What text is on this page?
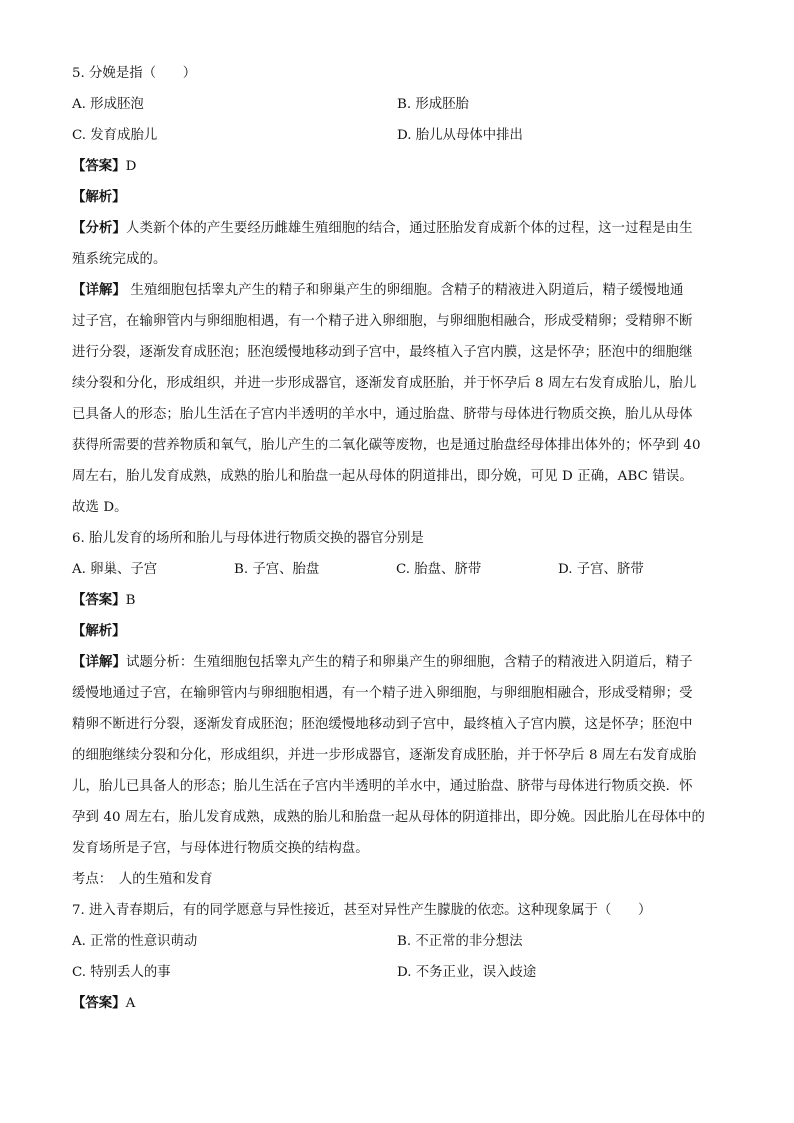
5. 分娩是指（　　）
A. 形成胚泡	B. 形成胚胎
C. 发育成胎儿	D. 胎儿从母体中排出
【答案】D
【解析】
【分析】人类新个体的产生要经历雌雄生殖细胞的结合，通过胚胎发育成新个体的过程，这一过程是由生
殖系统完成的。
【详解】 生殖细胞包括睾丸产生的精子和卵巢产生的卵细胞。含精子的精液进入阴道后，精子缓慢地通
过子宫，在输卵管内与卵细胞相遇，有一个精子进入卵细胞，与卵细胞相融合，形成受精卵；受精卵不断
进行分裂，逐渐发育成胚泡；胚泡缓慢地移动到子宫中，最终植入子宫内膜，这是怀孕；胚泡中的细胞继
续分裂和分化，形成组织，并进一步形成器官，逐渐发育成胚胎，并于怀孕后 8 周左右发育成胎儿，胎儿
已具备人的形态；胎儿生活在子宫内半透明的羊水中，通过胎盘、脐带与母体进行物质交换，胎儿从母体
获得所需要的营养物质和氧气，胎儿产生的二氧化碳等废物，也是通过胎盘经母体排出体外的；怀孕到 40
周左右，胎儿发育成熟，成熟的胎儿和胎盘一起从母体的阴道排出，即分娩，可见 D 正确，ABC 错误。
故选 D。
6. 胎儿发育的场所和胎儿与母体进行物质交换的器官分别是
A. 卵巢、子宫	B. 子宫、胎盘	C. 胎盘、脐带	D. 子宫、脐带
【答案】B
【解析】
【详解】试题分析：生殖细胞包括睾丸产生的精子和卵巢产生的卵细胞，含精子的精液进入阴道后，精子
缓慢地通过子宫，在输卵管内与卵细胞相遇，有一个精子进入卵细胞，与卵细胞相融合，形成受精卵；受
精卵不断进行分裂，逐渐发育成胚泡；胚泡缓慢地移动到子宫中，最终植入子宫内膜，这是怀孕；胚泡中
的细胞继续分裂和分化，形成组织，并进一步形成器官，逐渐发育成胚胎，并于怀孕后 8 周左右发育成胎
儿，胎儿已具备人的形态；胎儿生活在子宫内半透明的羊水中，通过胎盘、脐带与母体进行物质交换．怀
孕到 40 周左右，胎儿发育成熟，成熟的胎儿和胎盘一起从母体的阴道排出，即分娩。因此胎儿在母体中的
发育场所是子宫，与母体进行物质交换的结构盘。
考点：　人的生殖和发育
7. 进入青春期后，有的同学愿意与异性接近，甚至对异性产生朦胧的依恋。这种现象属于（　　）
A. 正常的性意识萌动	B. 不正常的非分想法
C. 特别丢人的事	D. 不务正业，误入歧途
【答案】A
